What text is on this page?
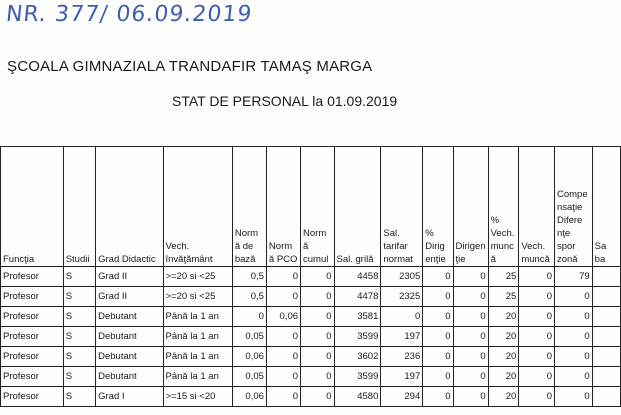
NR. 377/ 06.09.2019
ŞCOALA GIMNAZIALA TRANDAFIR TAMAŞ MARGA
STAT DE PERSONAL la 01.09.2019
Funcţia	Studii	Grad Didactic	Vech. învăţământ	Norm ă de bază	Norm ă PCO	Norm ă cumul	Sal. grilă	Sal. tarifar normat	% Dirig enţie	Dirigen ţie	% Vech. munc ă	Vech. muncă	Compe nsaţie Difere nţe spor zonă	Sa ba
Profesor	S	Grad II	>=20 si <25	0,5	0	0	4458	2305	0	0	25	0	79	
Profesor	S	Grad II	>=20 si <25	0,5	0	0	4478	2325	0	0	25	0	0	
Profesor	S	Debutant	Până la 1 an	0	0,06	0	3581	0	0	0	20	0	0	
Profesor	S	Debutant	Până la 1 an	0,05	0	0	3599	197	0	0	20	0	0	
Profesor	S	Debutant	Până la 1 an	0,06	0	0	3602	236	0	0	20	0	0	
Profesor	S	Debutant	Până la 1 an	0,05	0	0	3599	197	0	0	20	0	0	
Profesor	S	Grad I	>=15 si <20	0,06	0	0	4580	294	0	0	20	0	0	
